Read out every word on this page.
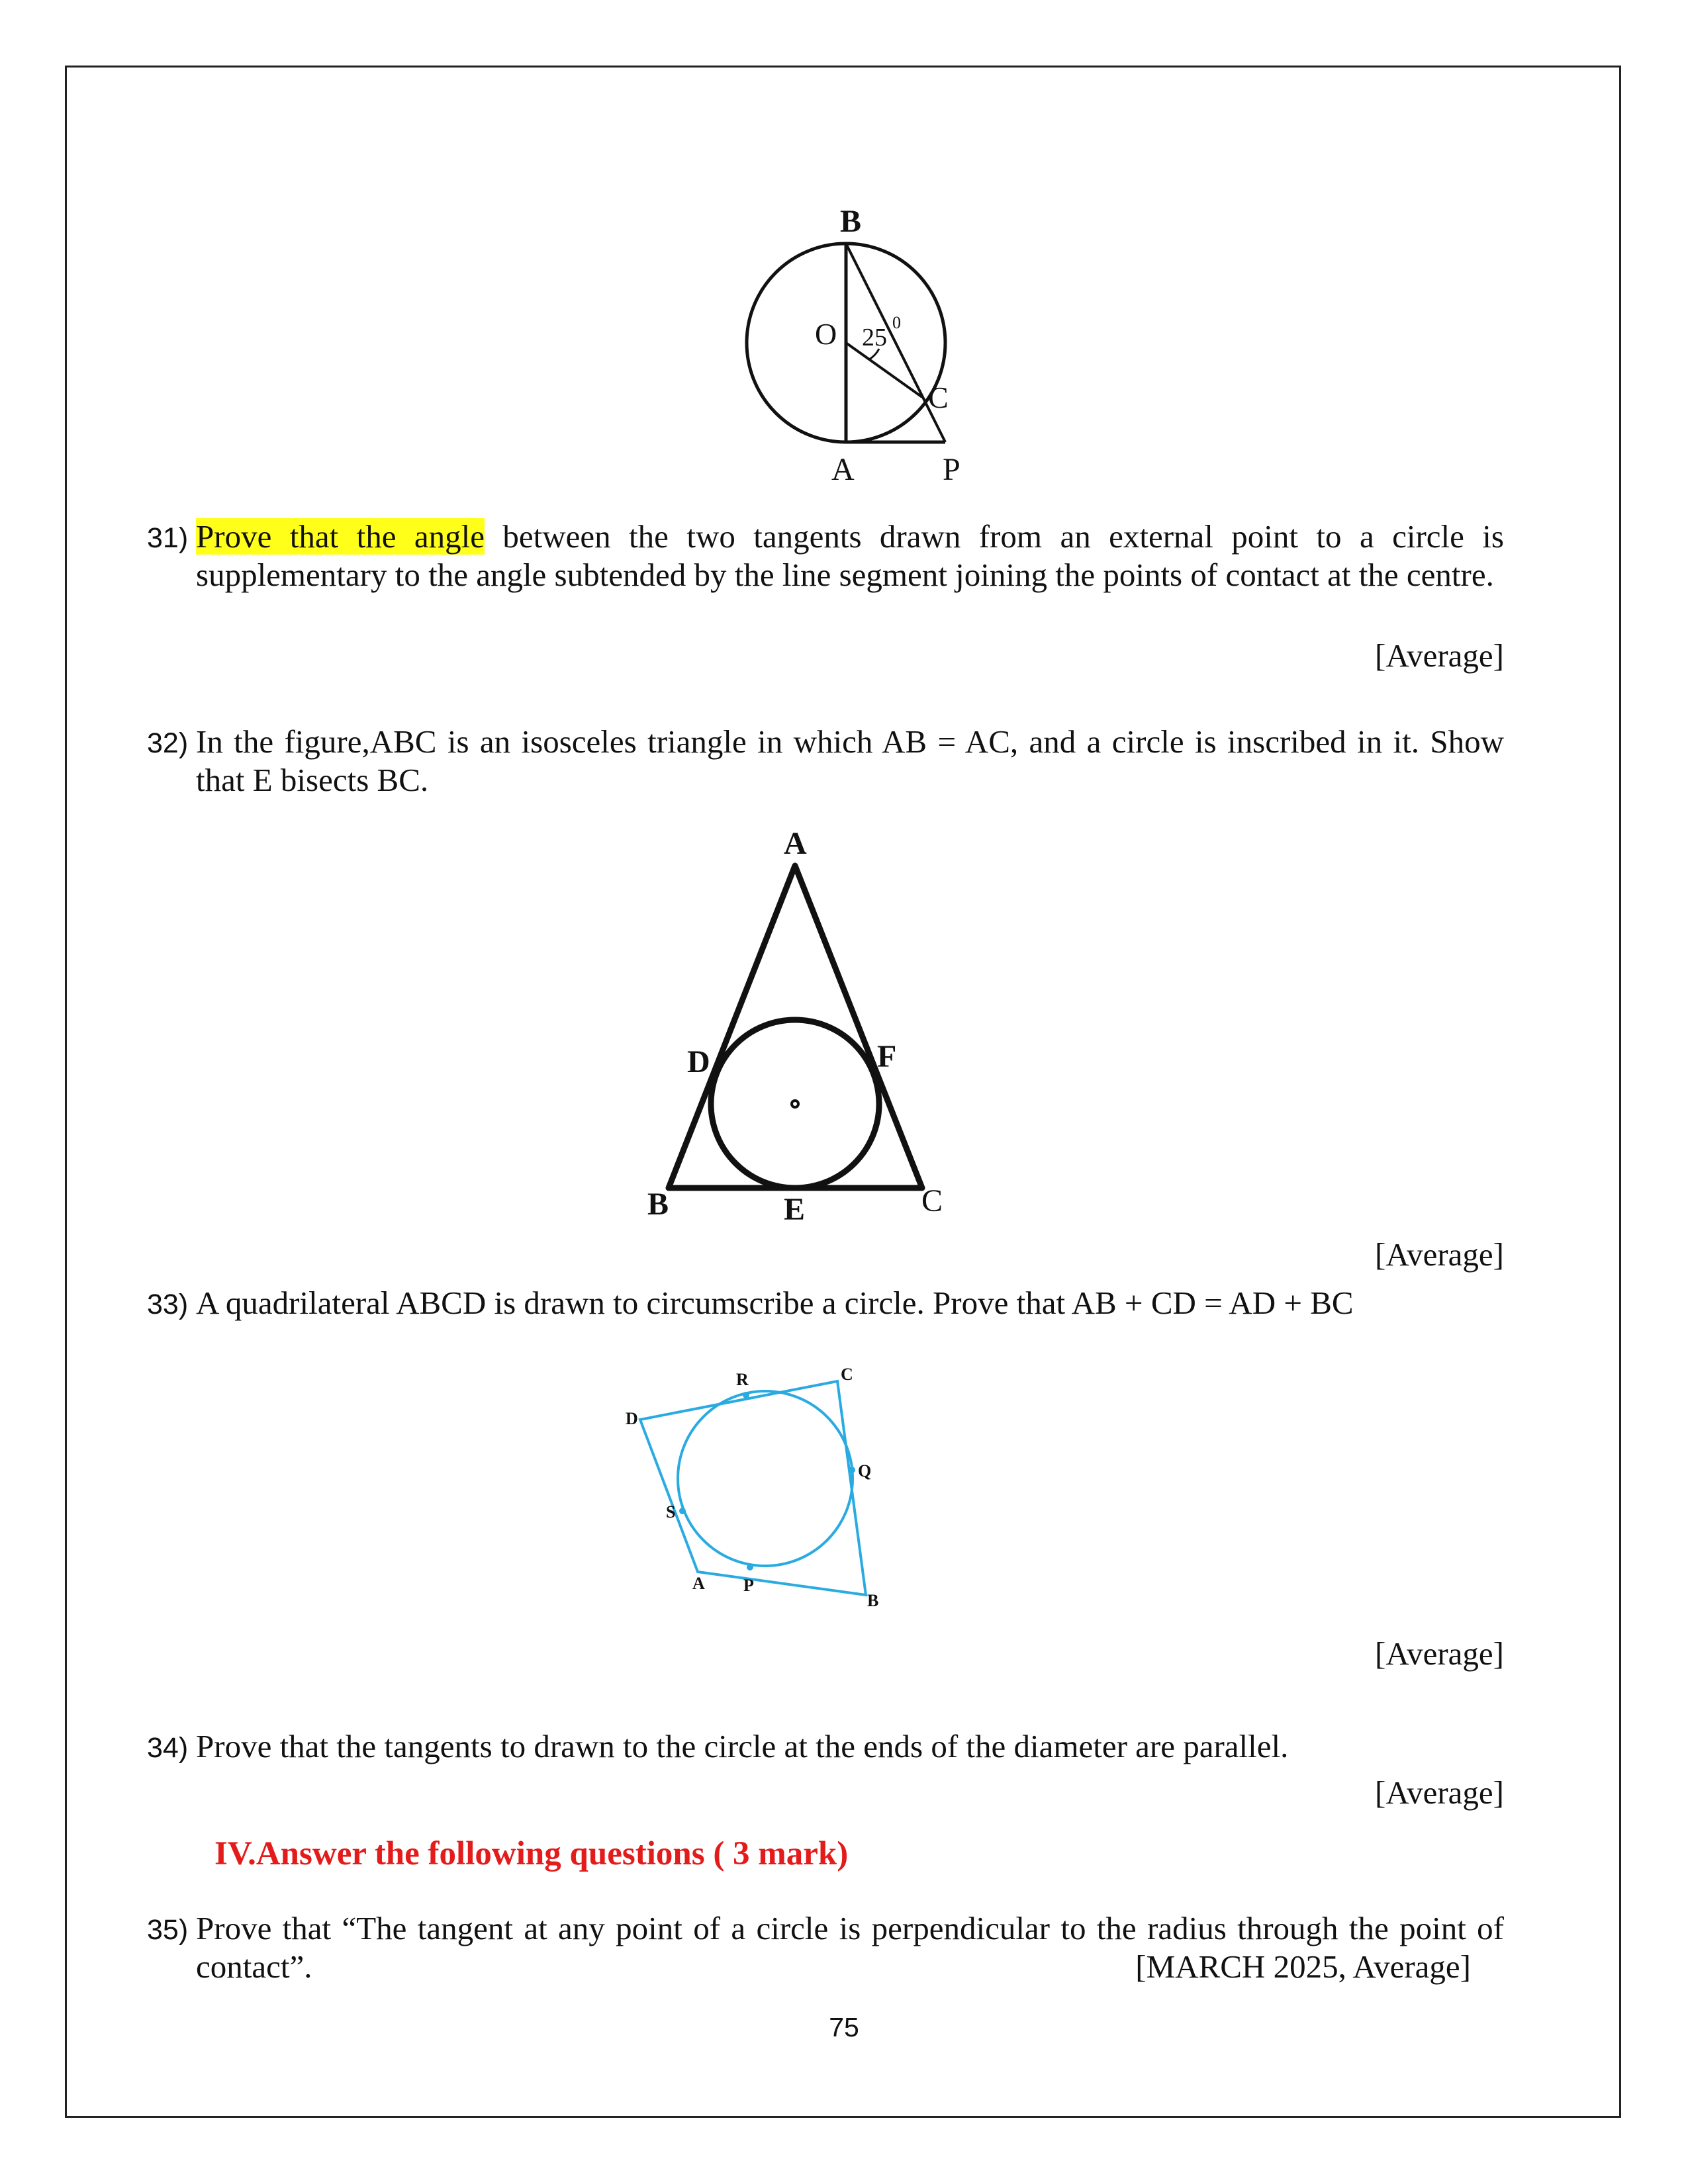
B
O 25
0
C
A	P
31) Prove that the angle between the two tangents drawn from an external point to a circle is supplementary to the angle subtended by the line segment joining the points of contact at the centre.
[Average]
32) In the figure,ABC is an isosceles triangle in which AB = AC, and a circle is inscribed in it. Show that E bisects BC.
A
D	F
B	E	C
[Average]
33) A quadrilateral ABCD is drawn to circumscribe a circle. Prove that AB + CD = AD + BC
R	C
D
Q
S
A P
B
[Average]
34) Prove that the tangents to drawn to the circle at the ends of the diameter are parallel.
[Average]
IV.Answer the following questions ( 3 mark)
35) Prove that “The tangent at any point of a circle is perpendicular to the radius through the point of contact”.	[MARCH 2025, Average]
75
